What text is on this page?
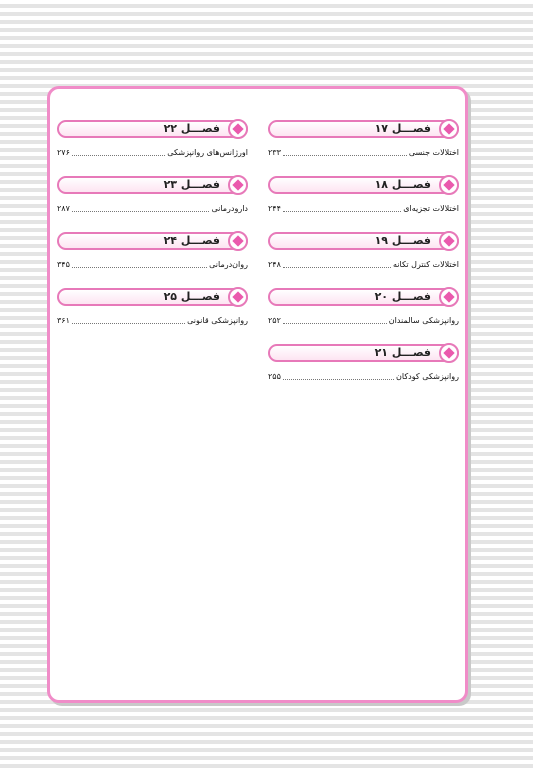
فصـــل ۱۷
اختلالات جنسی
۲۳۳
فصـــل ۱۸
اختلالات تجزیه‌ای
۲۴۴
فصـــل ۱۹
اختلالات کنترل تکانه
۲۴۸
فصـــل ۲۰
روانپزشکی سالمندان
۲۵۲
فصـــل ۲۱
روانپزشکی کودکان
۲۵۵
فصـــل ۲۲
اورژانس‌های روانپزشکی
۲۷۶
فصـــل ۲۳
دارودرمانی
۲۸۷
فصـــل ۲۴
روان‌درمانی
۳۴۵
فصـــل ۲۵
روانپزشکی قانونی
۳۶۱
